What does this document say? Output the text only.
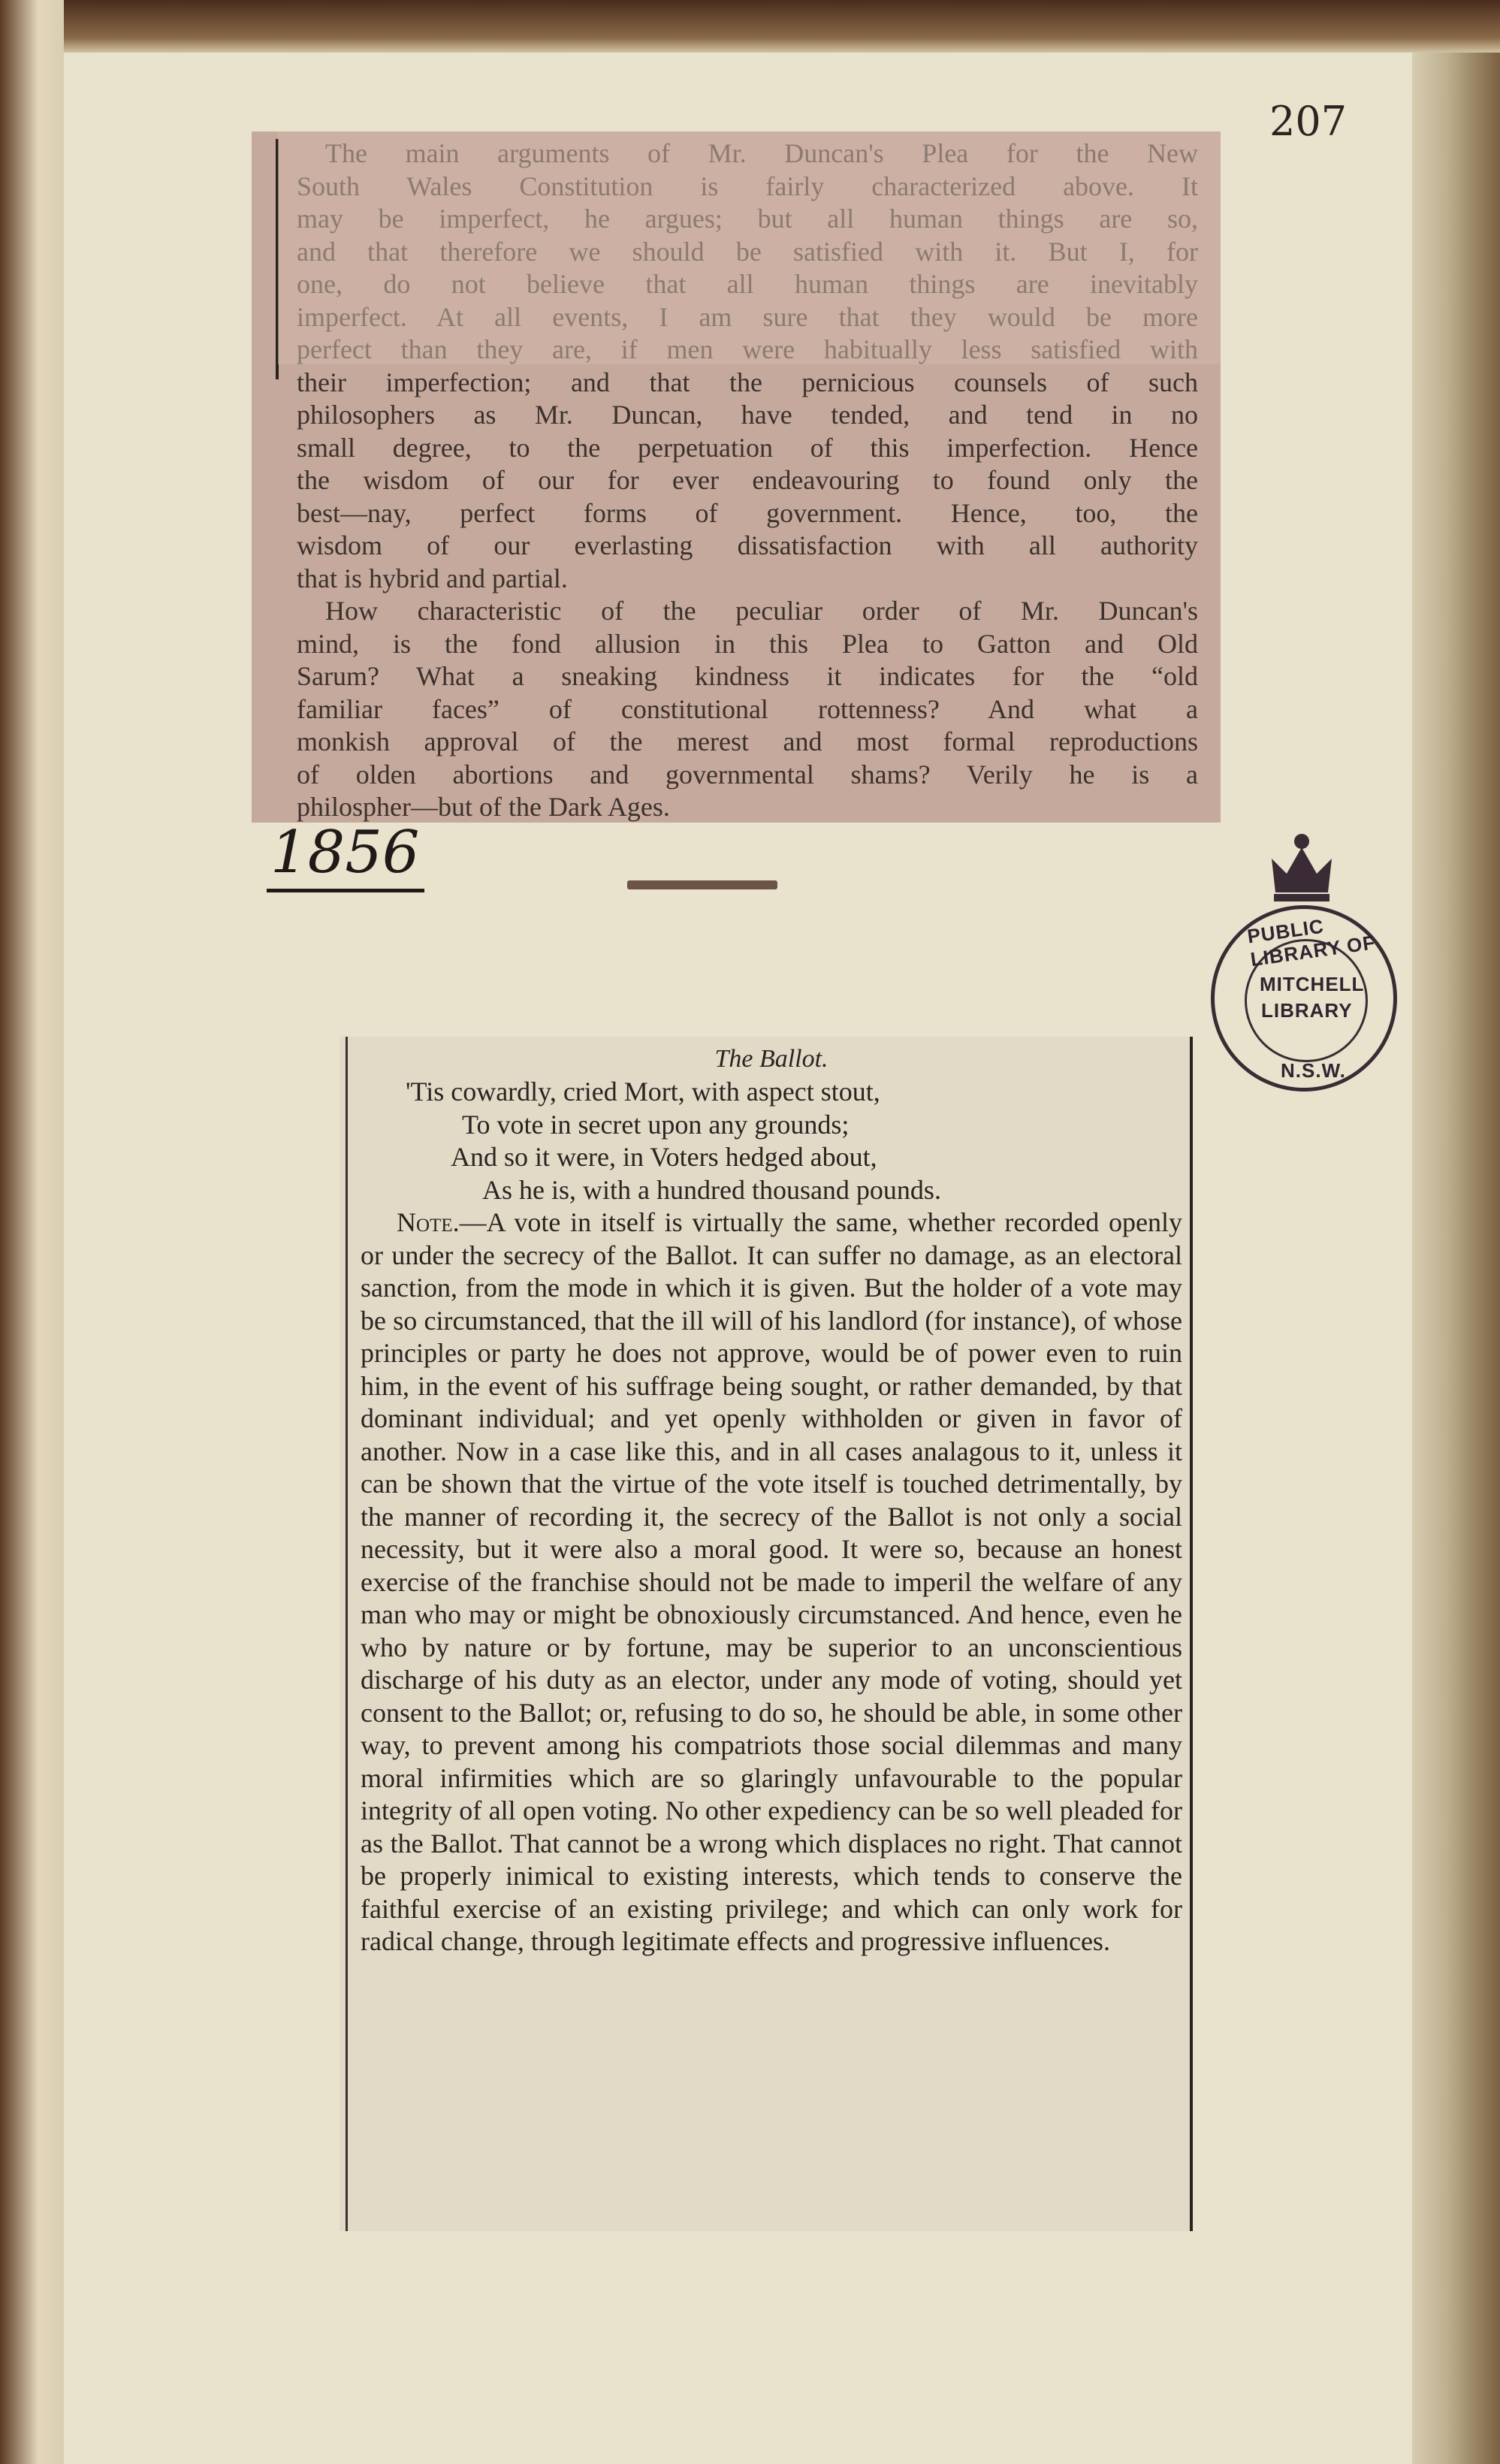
207

their imperfection; and that the pernicious counsels of such

philosophers as Mr. Duncan, have tended, and tend in no

small degree, to the perpetuation of this imperfection. Hence

the wisdom of our for ever endeavouring to found only the

best—nay, perfect forms of government. Hence, too, the

wisdom of our everlasting dissatisfaction with all authority

that is hybrid and partial.

How characteristic of the peculiar order of Mr. Duncan's

mind, is the fond allusion in this Plea to Gatton and Old

Sarum? What a sneaking kindness it indicates for the “old

familiar faces” of constitutional rottenness? And what a

monkish approval of the merest and most formal reproductions

of olden abortions and governmental shams? Verily he is a

philospher—but of the Dark Ages.

1856
PUBLIC LIBRARY OF
MITCHELL
LIBRARY
N.S.W.

The Ballot.

'Tis cowardly, cried Mort, with aspect stout,

To vote in secret upon any grounds;

And so it were, in Voters hedged about,

As he is, with a hundred thousand pounds.

Note.—A vote in itself is virtually the same, whether recorded openly or under the secrecy of the Ballot. It can suffer no damage, as an electoral sanction, from the mode in which it is given. But the holder of a vote may be so circumstanced, that the ill will of his landlord (for instance), of whose principles or party he does not approve, would be of power even to ruin him, in the event of his suffrage being sought, or rather demanded, by that dominant individual; and yet openly withholden or given in favor of another. Now in a case like this, and in all cases analagous to it, unless it can be shown that the virtue of the vote itself is touched detrimentally, by the manner of recording it, the secrecy of the Ballot is not only a social necessity, but it were also a moral good. It were so, because an honest exercise of the franchise should not be made to imperil the welfare of any man who may or might be obnoxiously circumstanced. And hence, even he who by nature or by fortune, may be superior to an unconscientious discharge of his duty as an elector, under any mode of voting, should yet consent to the Ballot; or, refusing to do so, he should be able, in some other way, to prevent among his compatriots those social dilemmas and many moral infirmities which are so glaringly unfavourable to the popular integrity of all open voting. No other expediency can be so well pleaded for as the Ballot. That cannot be a wrong which displaces no right. That cannot be properly inimical to existing interests, which tends to conserve the faithful exercise of an existing privilege; and which can only work for radical change, through legitimate effects and progressive influences.
